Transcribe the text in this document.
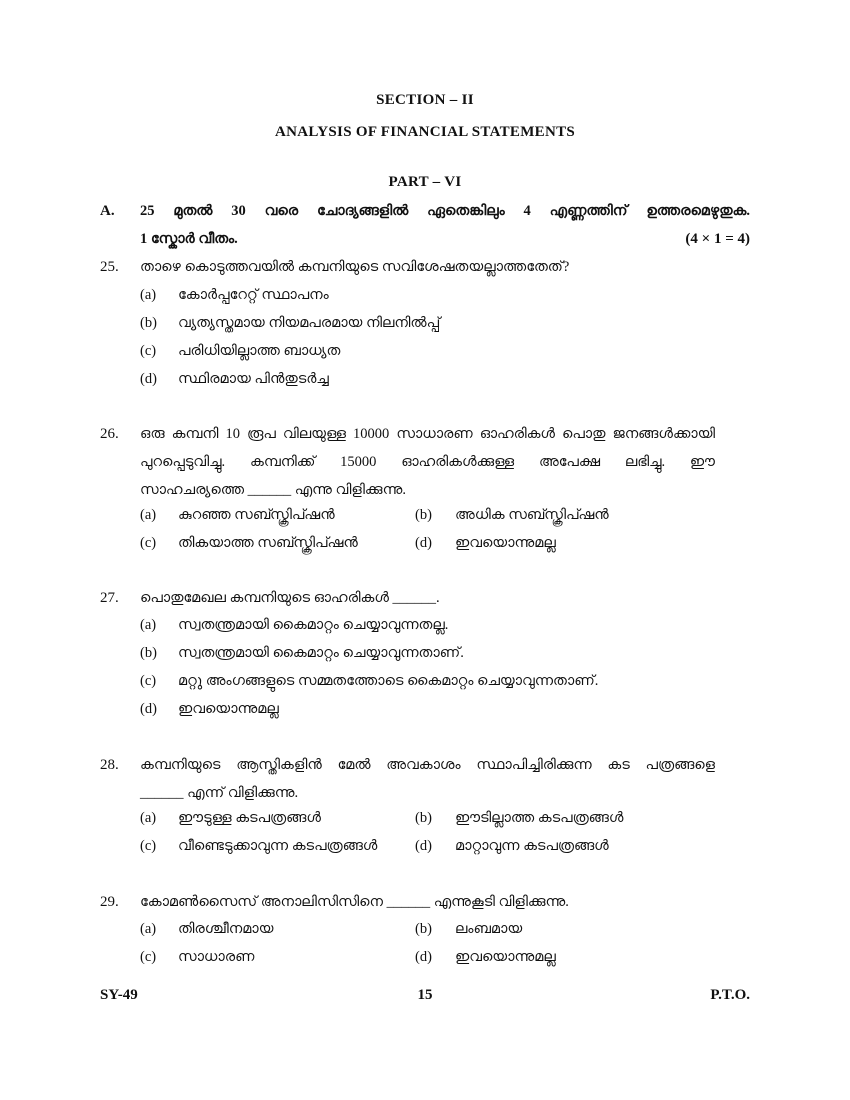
SECTION – II
ANALYSIS OF FINANCIAL STATEMENTS
PART – VI
A. 25 മുതൽ 30 വരെ ചോദ്യങ്ങളിൽ ഏതെങ്കിലും 4 എണ്ണത്തിന് ഉത്തരമെഴുതുക.
1 സ്കോർ വീതം.	(4 × 1 = 4)
25. താഴെ കൊടുത്തവയിൽ കമ്പനിയുടെ സവിശേഷതയല്ലാത്തതേത്?
(a) കോർപ്പറേറ്റ് സ്ഥാപനം
(b) വ്യത്യസ്തമായ നിയമപരമായ നിലനിൽപ്പ്
(c) പരിധിയില്ലാത്ത ബാധ്യത
(d) സ്ഥിരമായ പിൻതുടർച്ച
26. ഒരു കമ്പനി 10 രൂപ വിലയുള്ള 10000 സാധാരണ ഓഹരികൾ പൊതു ജനങ്ങൾക്കായി
പുറപ്പെടുവിച്ചു. കമ്പനിക്ക് 15000 ഓഹരികൾക്കുള്ള അപേക്ഷ ലഭിച്ചു. ഈ
സാഹചര്യത്തെ ______ എന്നു വിളിക്കുന്നു.
(a) കുറഞ്ഞ സബ്സ്ക്രിപ്ഷൻ	(b) അധിക സബ്സ്ക്രിപ്ഷൻ
(c) തികയാത്ത സബ്സ്ക്രിപ്ഷൻ	(d) ഇവയൊന്നുമല്ല
27. പൊതുമേഖല കമ്പനിയുടെ ഓഹരികൾ ______.
(a) സ്വതന്ത്രമായി കൈമാറ്റം ചെയ്യാവുന്നതല്ല.
(b) സ്വതന്ത്രമായി കൈമാറ്റം ചെയ്യാവുന്നതാണ്.
(c) മറ്റു അംഗങ്ങളുടെ സമ്മതത്തോടെ കൈമാറ്റം ചെയ്യാവുന്നതാണ്.
(d) ഇവയൊന്നുമല്ല
28. കമ്പനിയുടെ ആസ്തികളിൻ മേൽ അവകാശം സ്ഥാപിച്ചിരിക്കുന്ന കട പത്രങ്ങളെ
______ എന്ന് വിളിക്കുന്നു.
(a) ഈടുള്ള കടപത്രങ്ങൾ	(b) ഈടില്ലാത്ത കടപത്രങ്ങൾ
(c) വീണ്ടെടുക്കാവുന്ന കടപത്രങ്ങൾ	(d) മാറ്റാവുന്ന കടപത്രങ്ങൾ
29. കോമൺസൈസ് അനാലിസിസിനെ ______ എന്നുകൂടി വിളിക്കുന്നു.
(a) തിരശ്ചീനമായ	(b) ലംബമായ
(c) സാധാരണ	(d) ഇവയൊന്നുമല്ല
SY-49	15	P.T.O.
